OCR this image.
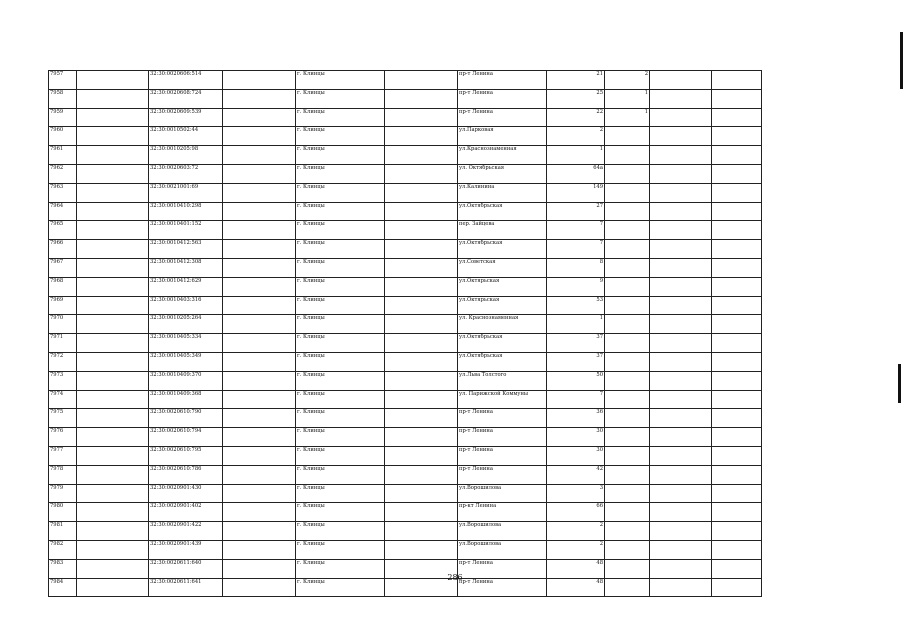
7957		32:30:0020606:514		г. Клинцы		пр-т Ленина	21	2		
7958		32:30:0020608:724		г. Клинцы		пр-т Ленина	25	1		
7959		32:30:0020609:539		г. Клинцы		пр-т Ленина	22	1		
7960		32:30:0010502:44		г. Клинцы		ул.Парковая	2			
7961		32:30:0010205:98		г. Клинцы		ул.Краснознаменная	1			
7962		32:30:0020603:72		г. Клинцы		ул. Октябрьская	64а			
7963		32:30:0021001:69		г. Клинцы		ул.Калинина	149			
7964		32:30:0010410:298		г. Клинцы		ул.Октябрьская	27			
7965		32:30:0010401:152		г. Клинцы		пер. Зайцева	7			
7966		32:30:0010412:563		г. Клинцы		ул.Октябрьская	7			
7967		32:30:0010412:308		г. Клинцы		ул.Советская	8			
7968		32:30:0010412:629		г. Клинцы		ул.Октярьская	9			
7969		32:30:0010403:316		г. Клинцы		ул.Октярьская	53			
7970		32:30:0010205:264		г. Клинцы		ул. Краснознаменная	1			
7971		32:30:0010405:334		г. Клинцы		ул.Октябрьская	37			
7972		32:30:0010405:349		г. Клинцы		ул.Октябрьская	37			
7973		32:30:0010409:370		г. Клинцы		ул.Льва Толстого	50			
7974		32:30:0010409:368		г. Клинцы		ул. Парижской Коммуны	7			
7975		32:30:0020610:790		г. Клинцы		пр-т Ленина	36			
7976		32:30:0020610:794		г. Клинцы		пр-т Ленина	30			
7977		32:30:0020610:795		г. Клинцы		пр-т Ленина	30			
7978		32:30:0020610:786		г. Клинцы		пр-т Ленина	42			
7979		32:30:0020901:430		г. Клинцы		ул.Ворошилова	3			
7980		32:30:0020901:402		г. Клинцы		пр-кт Ленина	66			
7981		32:30:0020901:422		г. Клинцы		ул.Ворошилова	2			
7982		32:30:0020901:439		г. Клинцы		ул.Ворошилова	2			
7983		32:30:0020611:640		г. Клинцы		пр-т Леннна	48			
7984		32:30:0020611:641		г. Клинцы		пр-т Ленина	48			
286
